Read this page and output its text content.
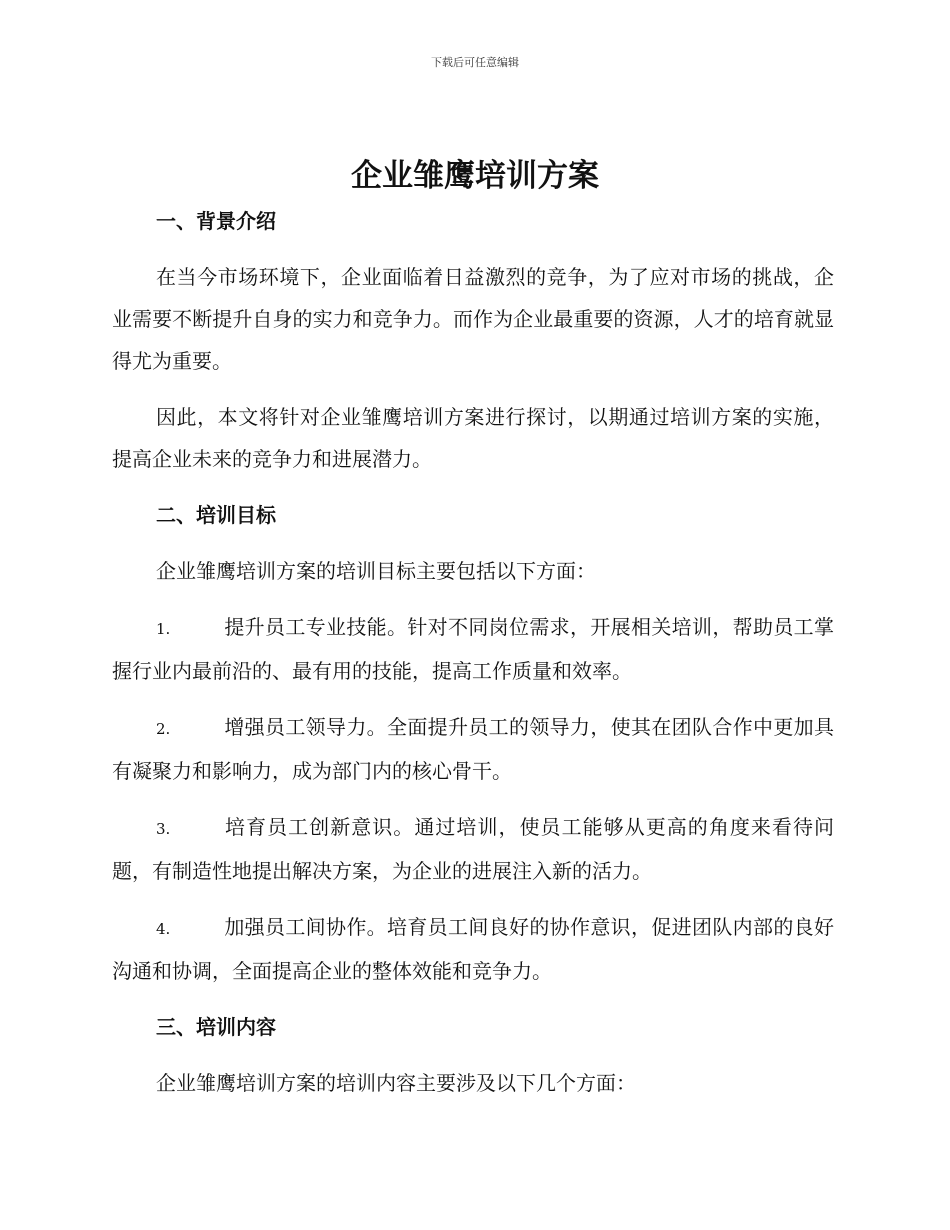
下载后可任意编辑
企业雏鹰培训方案
一、背景介绍

在当今市场环境下，企业面临着日益激烈的竞争，为了应对市场的挑战，企业需要不断提升自身的实力和竞争力。而作为企业最重要的资源，人才的培育就显得尤为重要。

因此，本文将针对企业雏鹰培训方案进行探讨，以期通过培训方案的实施，提高企业未来的竞争力和进展潜力。

二、培训目标

企业雏鹰培训方案的培训目标主要包括以下方面：

1.	提升员工专业技能。针对不同岗位需求，开展相关培训，帮助员工掌握行业内最前沿的、最有用的技能，提高工作质量和效率。

2.	增强员工领导力。全面提升员工的领导力，使其在团队合作中更加具有凝聚力和影响力，成为部门内的核心骨干。

3.	培育员工创新意识。通过培训，使员工能够从更高的角度来看待问题，有制造性地提出解决方案，为企业的进展注入新的活力。

4.	加强员工间协作。培育员工间良好的协作意识，促进团队内部的良好沟通和协调，全面提高企业的整体效能和竞争力。

三、培训内容

企业雏鹰培训方案的培训内容主要涉及以下几个方面：
